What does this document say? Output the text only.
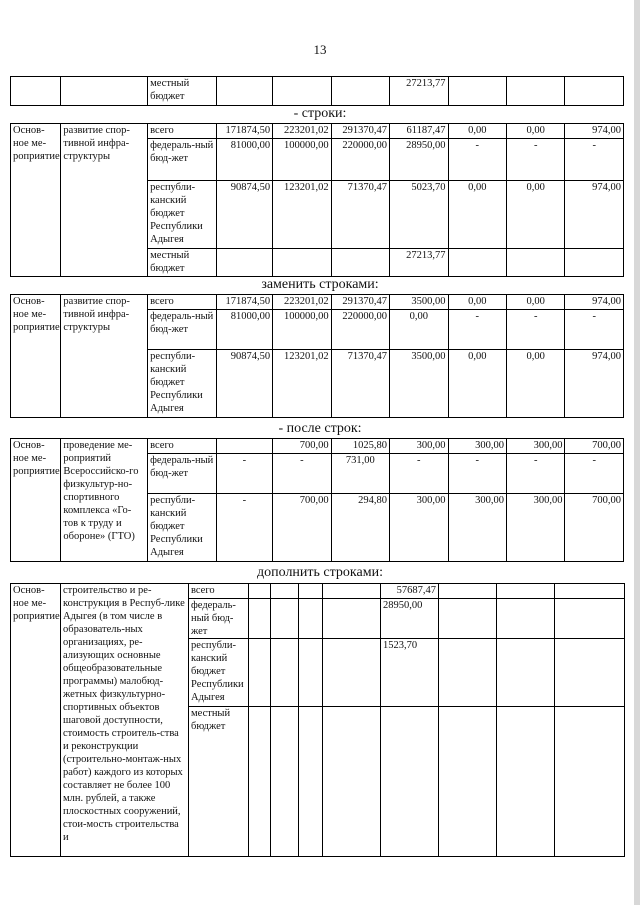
13
		местный бюджет				27213,77			
- строки:
Основ-ное ме-роприятие	развитие спор-тивной инфра-структуры	всего	171874,50	223201,02	291370,47	61187,47	0,00	0,00	974,00
		федераль-ный бюд-жет	81000,00	100000,00	220000,00	28950,00	-	-	-
		республи-канский бюджет Республики Адыгея	90874,50	123201,02	71370,47	5023,70	0,00	0,00	974,00
		местный бюджет				27213,77			
заменить строками:
Основ-ное ме-роприятие	развитие спор-тивной инфра-структуры	всего	171874,50	223201,02	291370,47	3500,00	0,00	0,00	974,00
		федераль-ный бюд-жет	81000,00	100000,00	220000,00	0,00	-	-	-
		республи-канский бюджет Республики Адыгея	90874,50	123201,02	71370,47	3500,00	0,00	0,00	974,00
- после строк:
Основ-ное ме-роприятие	проведение ме-роприятий Всероссийско-го физкультур-но-спортивного комплекса «Го-тов к труду и обороне» (ГТО)	всего		700,00	1025,80	300,00	300,00	300,00	700,00
		федераль-ный бюд-жет	-	-	731,00	-	-	-	-
		республи-канский бюджет Республики Адыгея	-	700,00	294,80	300,00	300,00	300,00	700,00
дополнить строками:
Основ-ное ме-роприятие	строительство и ре-конструкция в Респуб-лике Адыгея (в том числе в образователь-ных организациях, ре-ализующих основные общеобразовательные программы) малобюд-жетных физкультурно-спортивных объектов шаговой доступности, стоимость строитель-ства и реконструкции (строительно-монтаж-ных работ) каждого из которых составляет не более 100 млн. рублей, а также плоскостных сооружений, стои-мость строительства и	всего					57687,47			
		федераль-ный бюд-жет					28950,00			
		республи-канский бюджет Республики Адыгея					1523,70			
		местный бюджет								
